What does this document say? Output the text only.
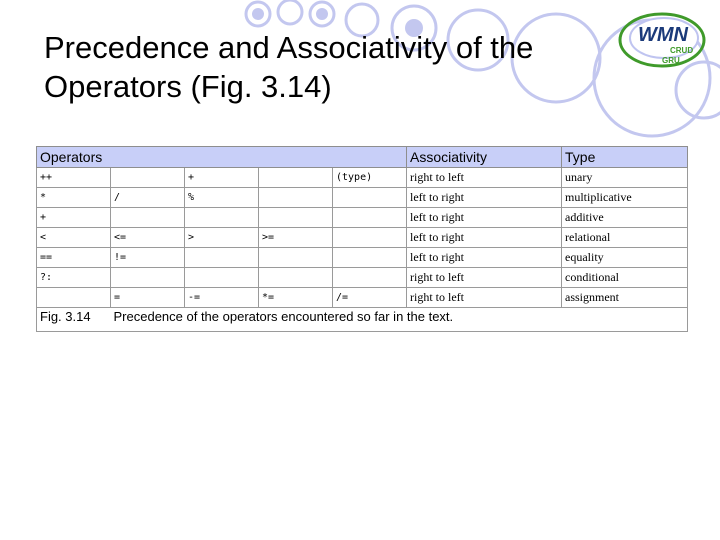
Precedence and Associativity of the
Operators (Fig. 3.14)
WMN
CRUD
GRU
Operators					Associativity	Type
++		+		(type)	right to left	unary
*	/	%			left to right	multiplicative
+					left to right	additive
<	<=	>	>=		left to right	relational
==	!=				left to right	equality
?:					right to left	conditional
	=	-=	*=	/=	right to left	assignment
Fig. 3.14	Precedence of the operators encountered so far in the text.					
